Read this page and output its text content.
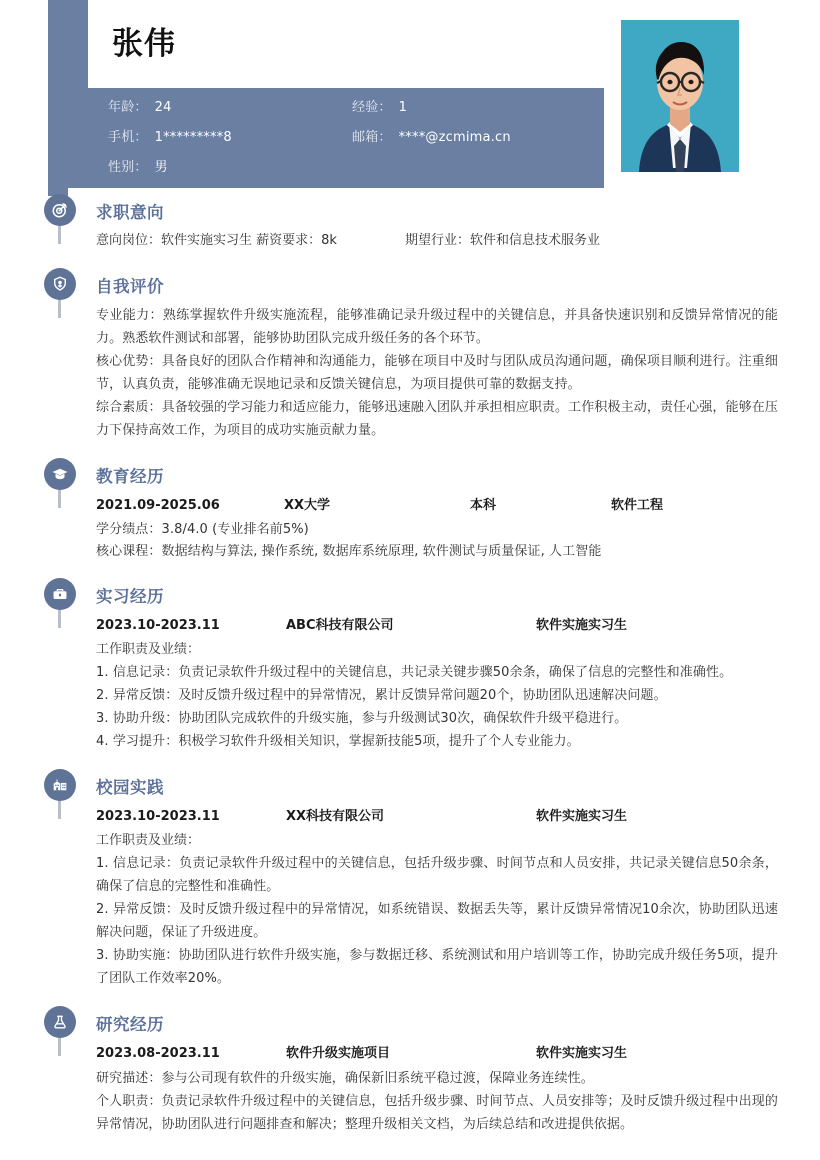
张伟
年龄： 24	经验： 1
手机： 1*********8	邮箱： ****@zcmima.cn
性别： 男
求职意向
意向岗位：软件实施实习生 薪资要求：8k	期望行业：软件和信息技术服务业
自我评价
专业能力：熟练掌握软件升级实施流程，能够准确记录升级过程中的关键信息，并具备快速识别和反馈异常情况的能力。熟悉软件测试和部署，能够协助团队完成升级任务的各个环节。
核心优势：具备良好的团队合作精神和沟通能力，能够在项目中及时与团队成员沟通问题，确保项目顺利进行。注重细节，认真负责，能够准确无误地记录和反馈关键信息，为项目提供可靠的数据支持。
综合素质：具备较强的学习能力和适应能力，能够迅速融入团队并承担相应职责。工作积极主动，责任心强，能够在压力下保持高效工作，为项目的成功实施贡献力量。
教育经历
2021.09-2025.06	XX大学	本科	软件工程
学分绩点：3.8/4.0 (专业排名前5%)
核心课程：数据结构与算法, 操作系统, 数据库系统原理, 软件测试与质量保证, 人工智能
实习经历
2023.10-2023.11	ABC科技有限公司	软件实施实习生
工作职责及业绩：
1. 信息记录：负责记录软件升级过程中的关键信息，共记录关键步骤50余条，确保了信息的完整性和准确性。
2. 异常反馈：及时反馈升级过程中的异常情况，累计反馈异常问题20个，协助团队迅速解决问题。
3. 协助升级：协助团队完成软件的升级实施，参与升级测试30次，确保软件升级平稳进行。
4. 学习提升：积极学习软件升级相关知识，掌握新技能5项，提升了个人专业能力。
校园实践
2023.10-2023.11	XX科技有限公司	软件实施实习生
工作职责及业绩：
1. 信息记录：负责记录软件升级过程中的关键信息，包括升级步骤、时间节点和人员安排，共记录关键信息50余条，确保了信息的完整性和准确性。
2. 异常反馈：及时反馈升级过程中的异常情况，如系统错误、数据丢失等，累计反馈异常情况10余次，协助团队迅速解决问题，保证了升级进度。
3. 协助实施：协助团队进行软件升级实施，参与数据迁移、系统测试和用户培训等工作，协助完成升级任务5项，提升了团队工作效率20%。
研究经历
2023.08-2023.11	软件升级实施项目	软件实施实习生
研究描述：参与公司现有软件的升级实施，确保新旧系统平稳过渡，保障业务连续性。
个人职责：负责记录软件升级过程中的关键信息，包括升级步骤、时间节点、人员安排等；及时反馈升级过程中出现的异常情况，协助团队进行问题排查和解决；整理升级相关文档，为后续总结和改进提供依据。
